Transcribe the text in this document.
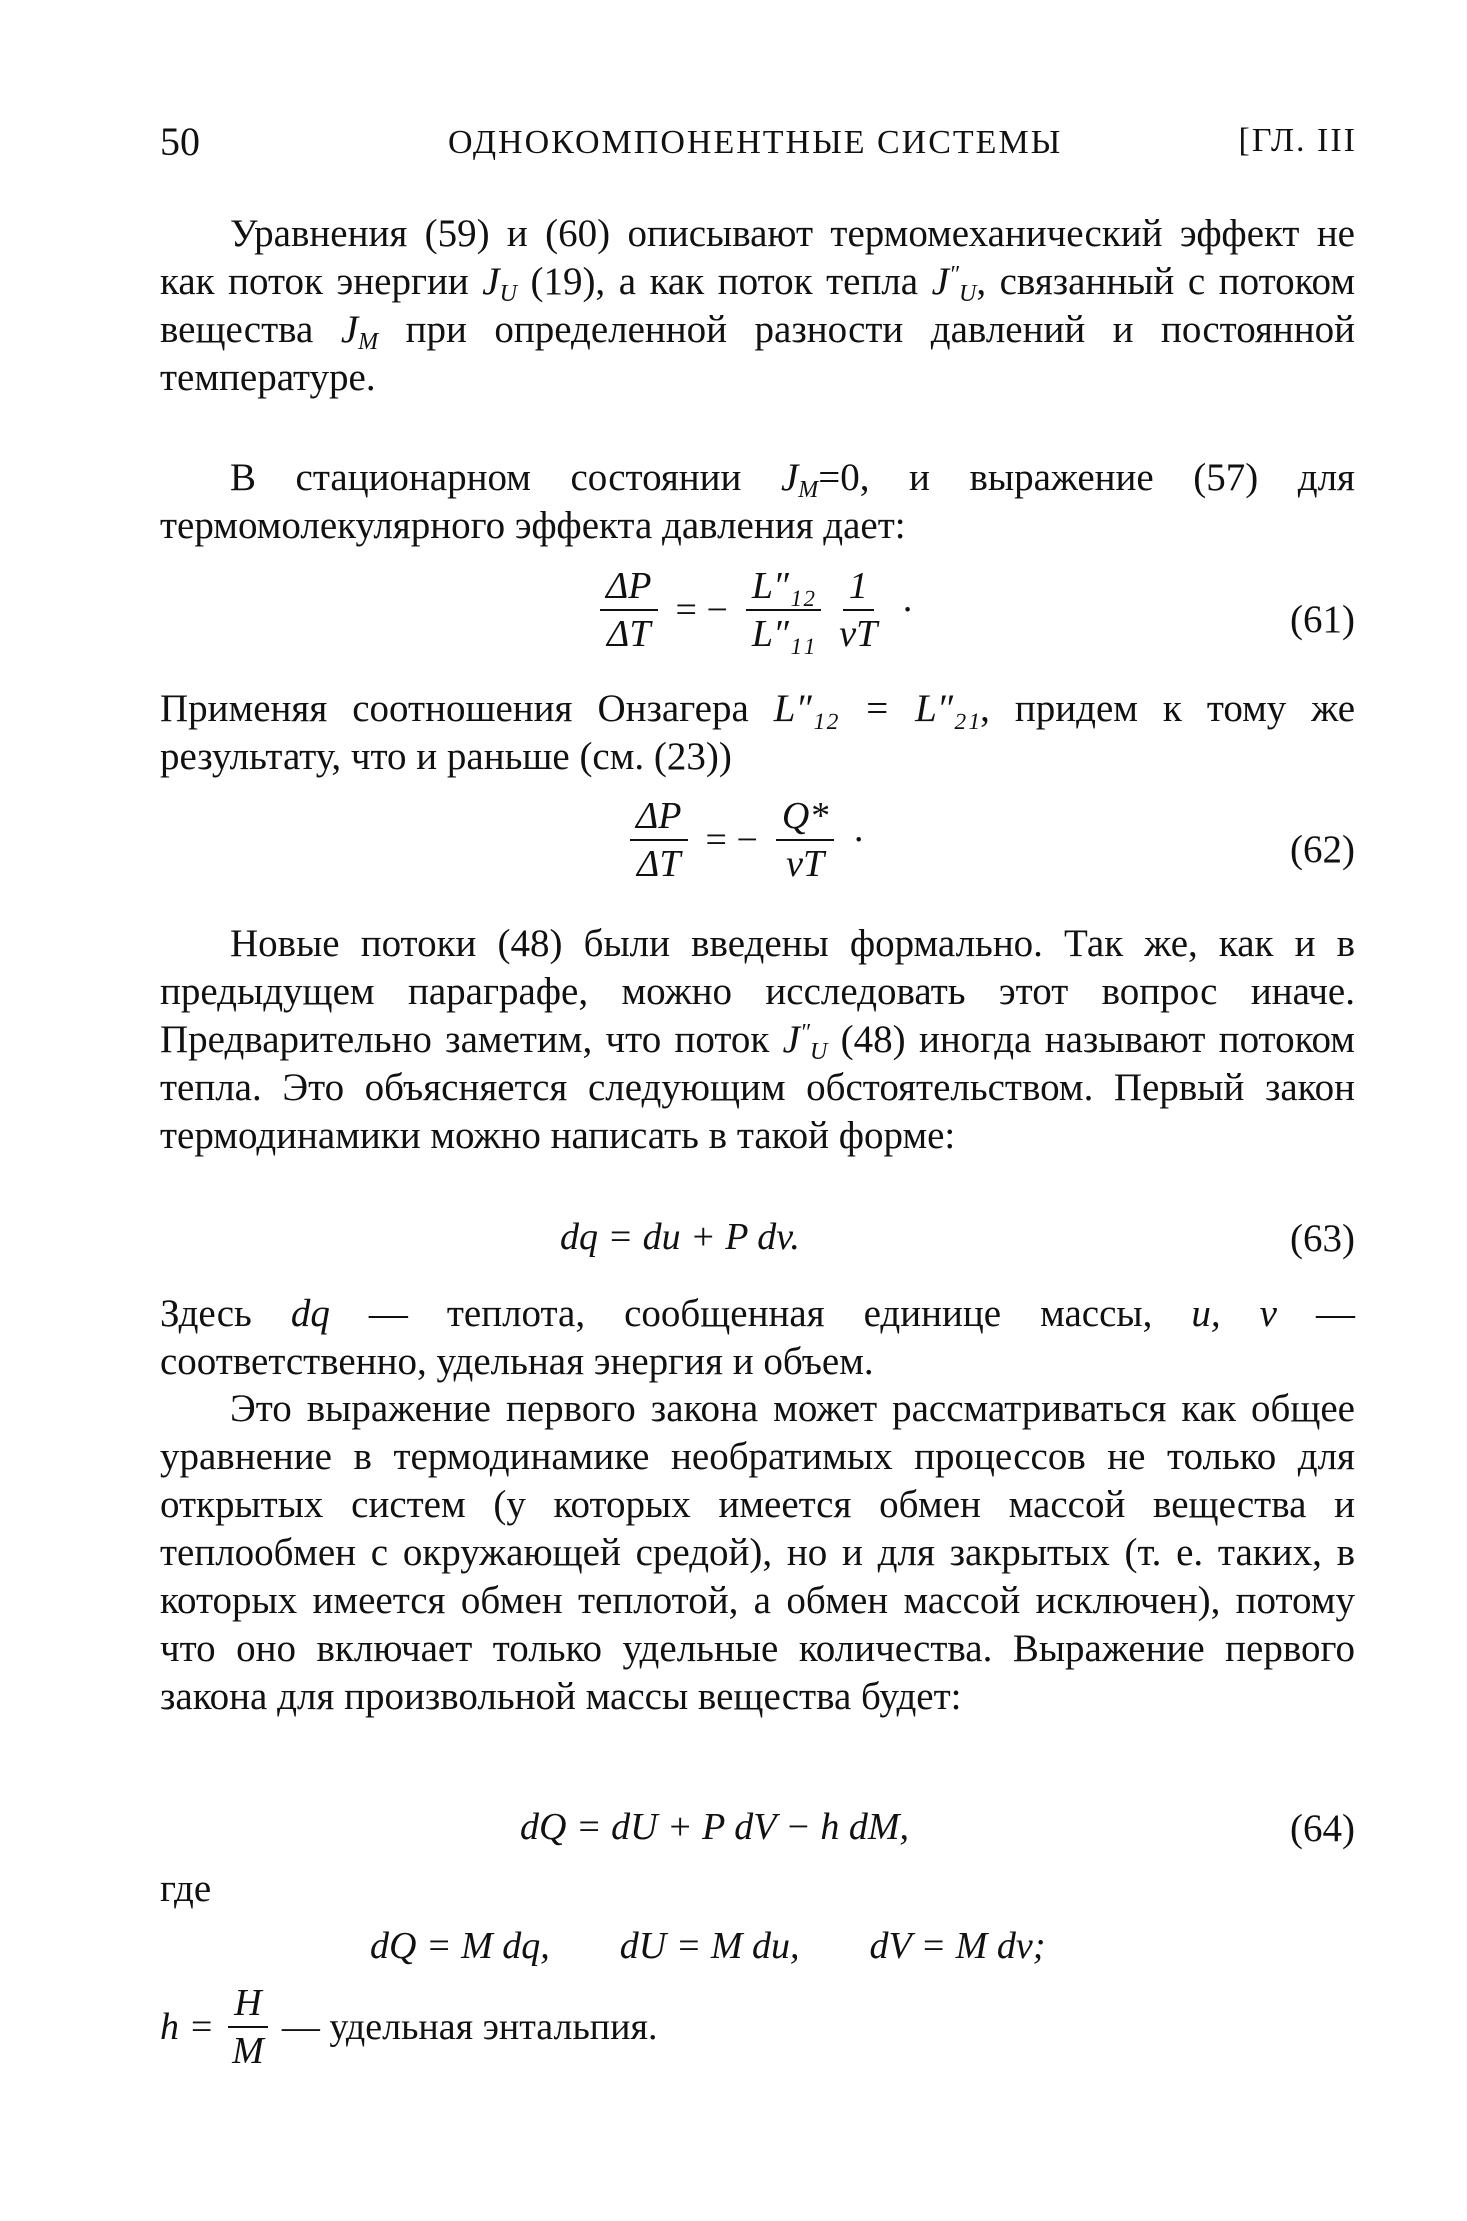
50	ОДНОКОМПОНЕНТНЫЕ СИСТЕМЫ	[ГЛ. III
Уравнения (59) и (60) описывают термомеханический эффект не как поток энергии $J_U$ (19), а как поток тепла $J''_U$, связанный с потоком вещества $J_M$ при определенной разности давлений и постоянной температуре.
В стационарном состоянии $J_M=0$, и выражение (57) для термомолекулярного эффекта давления дает:
$\frac{\Delta P}{\Delta T}$ = − $\frac{\text{L″₁₂}}{\text{L″₁₁}} \frac{1}{vT}$ ·	(61)
Применяя соотношения Онзагера L″₁₂ = L″₂₁, придем к тому же результату, что и раньше (см. (23))
$\frac{\Delta P}{\Delta T}$ = − $\frac{Q*}{vT}$ ·	(62)
Новые потоки (48) были введены формально. Так же, как и в предыдущем параграфе, можно исследовать этот вопрос иначе. Предварительно заметим, что поток $J''_U$ (48) иногда называют потоком тепла. Это объясняется следующим обстоятельством. Первый закон термодинамики можно написать в такой форме:
dq = du + P dv.	(63)
Здесь dq — теплота, сообщенная единице массы, u, v — соответственно, удельная энергия и объем.
Это выражение первого закона может рассматриваться как общее уравнение в термодинамике необратимых процессов не только для открытых систем (у которых имеется обмен массой вещества и теплообмен с окружающей средой), но и для закрытых (т. е. таких, в которых имеется обмен теплотой, а обмен массой исключен), потому что оно включает только удельные количества. Выражение первого закона для произвольной массы вещества будет:
dQ = dU + P dV − h dM,	(64)
где
dQ = M dq, dU = M du, dV = M dv;
$h = \frac{H}{M}$ — удельная энтальпия.
